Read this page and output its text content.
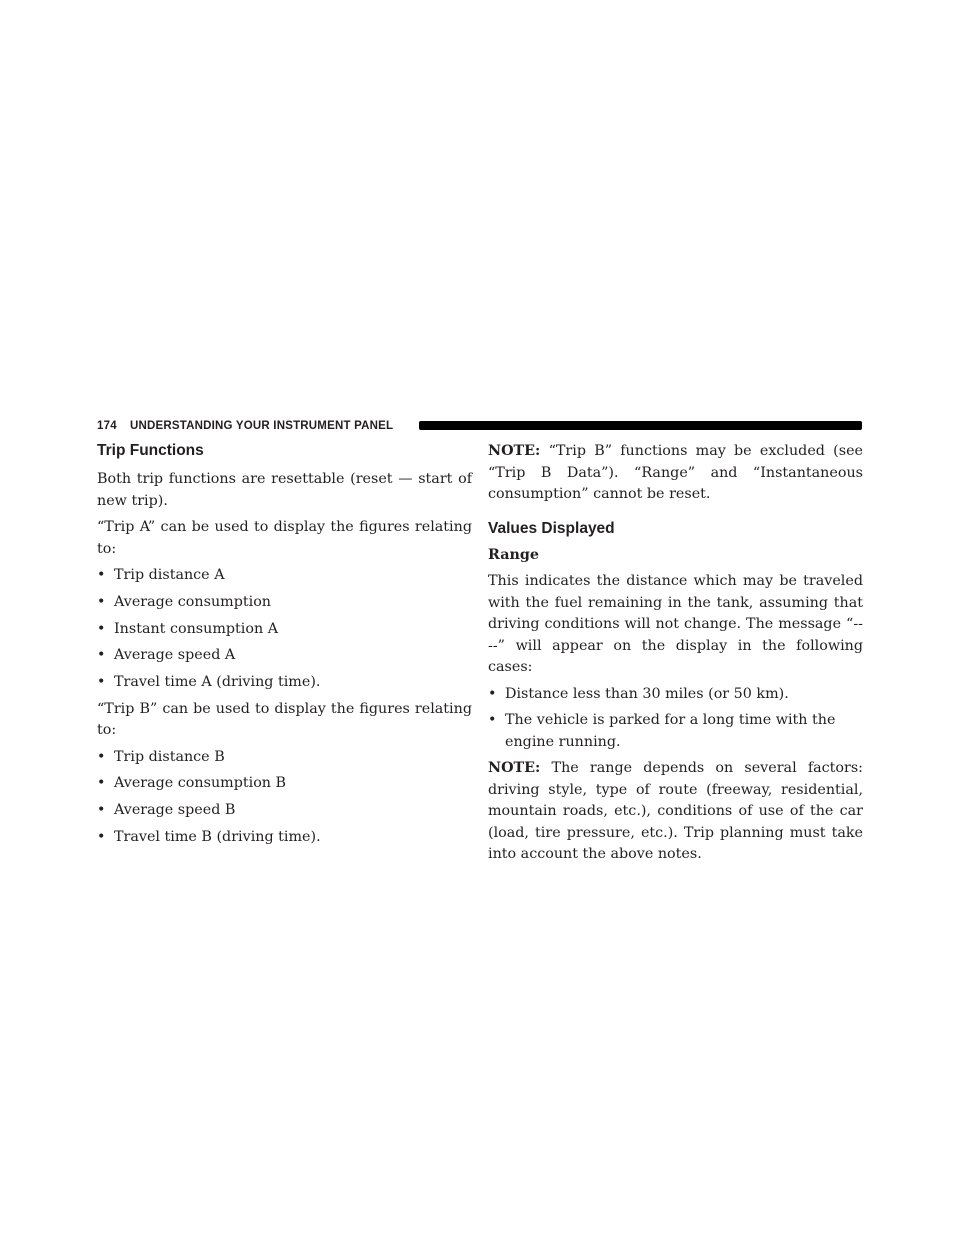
174 UNDERSTANDING YOUR INSTRUMENT PANEL
Trip Functions

Both trip functions are resettable (reset — start of new trip).

“Trip A” can be used to display the figures relating to:

• Trip distance A
• Average consumption
• Instant consumption A
• Average speed A
• Travel time A (driving time).

“Trip B” can be used to display the figures relating to:

• Trip distance B
• Average consumption B
• Average speed B
• Travel time B (driving time).

NOTE: “Trip B” functions may be excluded (see “Trip B Data”). “Range” and “Instantaneous consumption” cannot be reset.

Values Displayed

Range

This indicates the distance which may be traveled with the fuel remaining in the tank, assuming that driving conditions will not change. The message “----” will appear on the display in the following cases:

• Distance less than 30 miles (or 50 km).
• The vehicle is parked for a long time with the engine running.

NOTE: The range depends on several factors: driving style, type of route (freeway, residential, mountain roads, etc.), conditions of use of the car (load, tire pressure, etc.). Trip planning must take into account the above notes.
